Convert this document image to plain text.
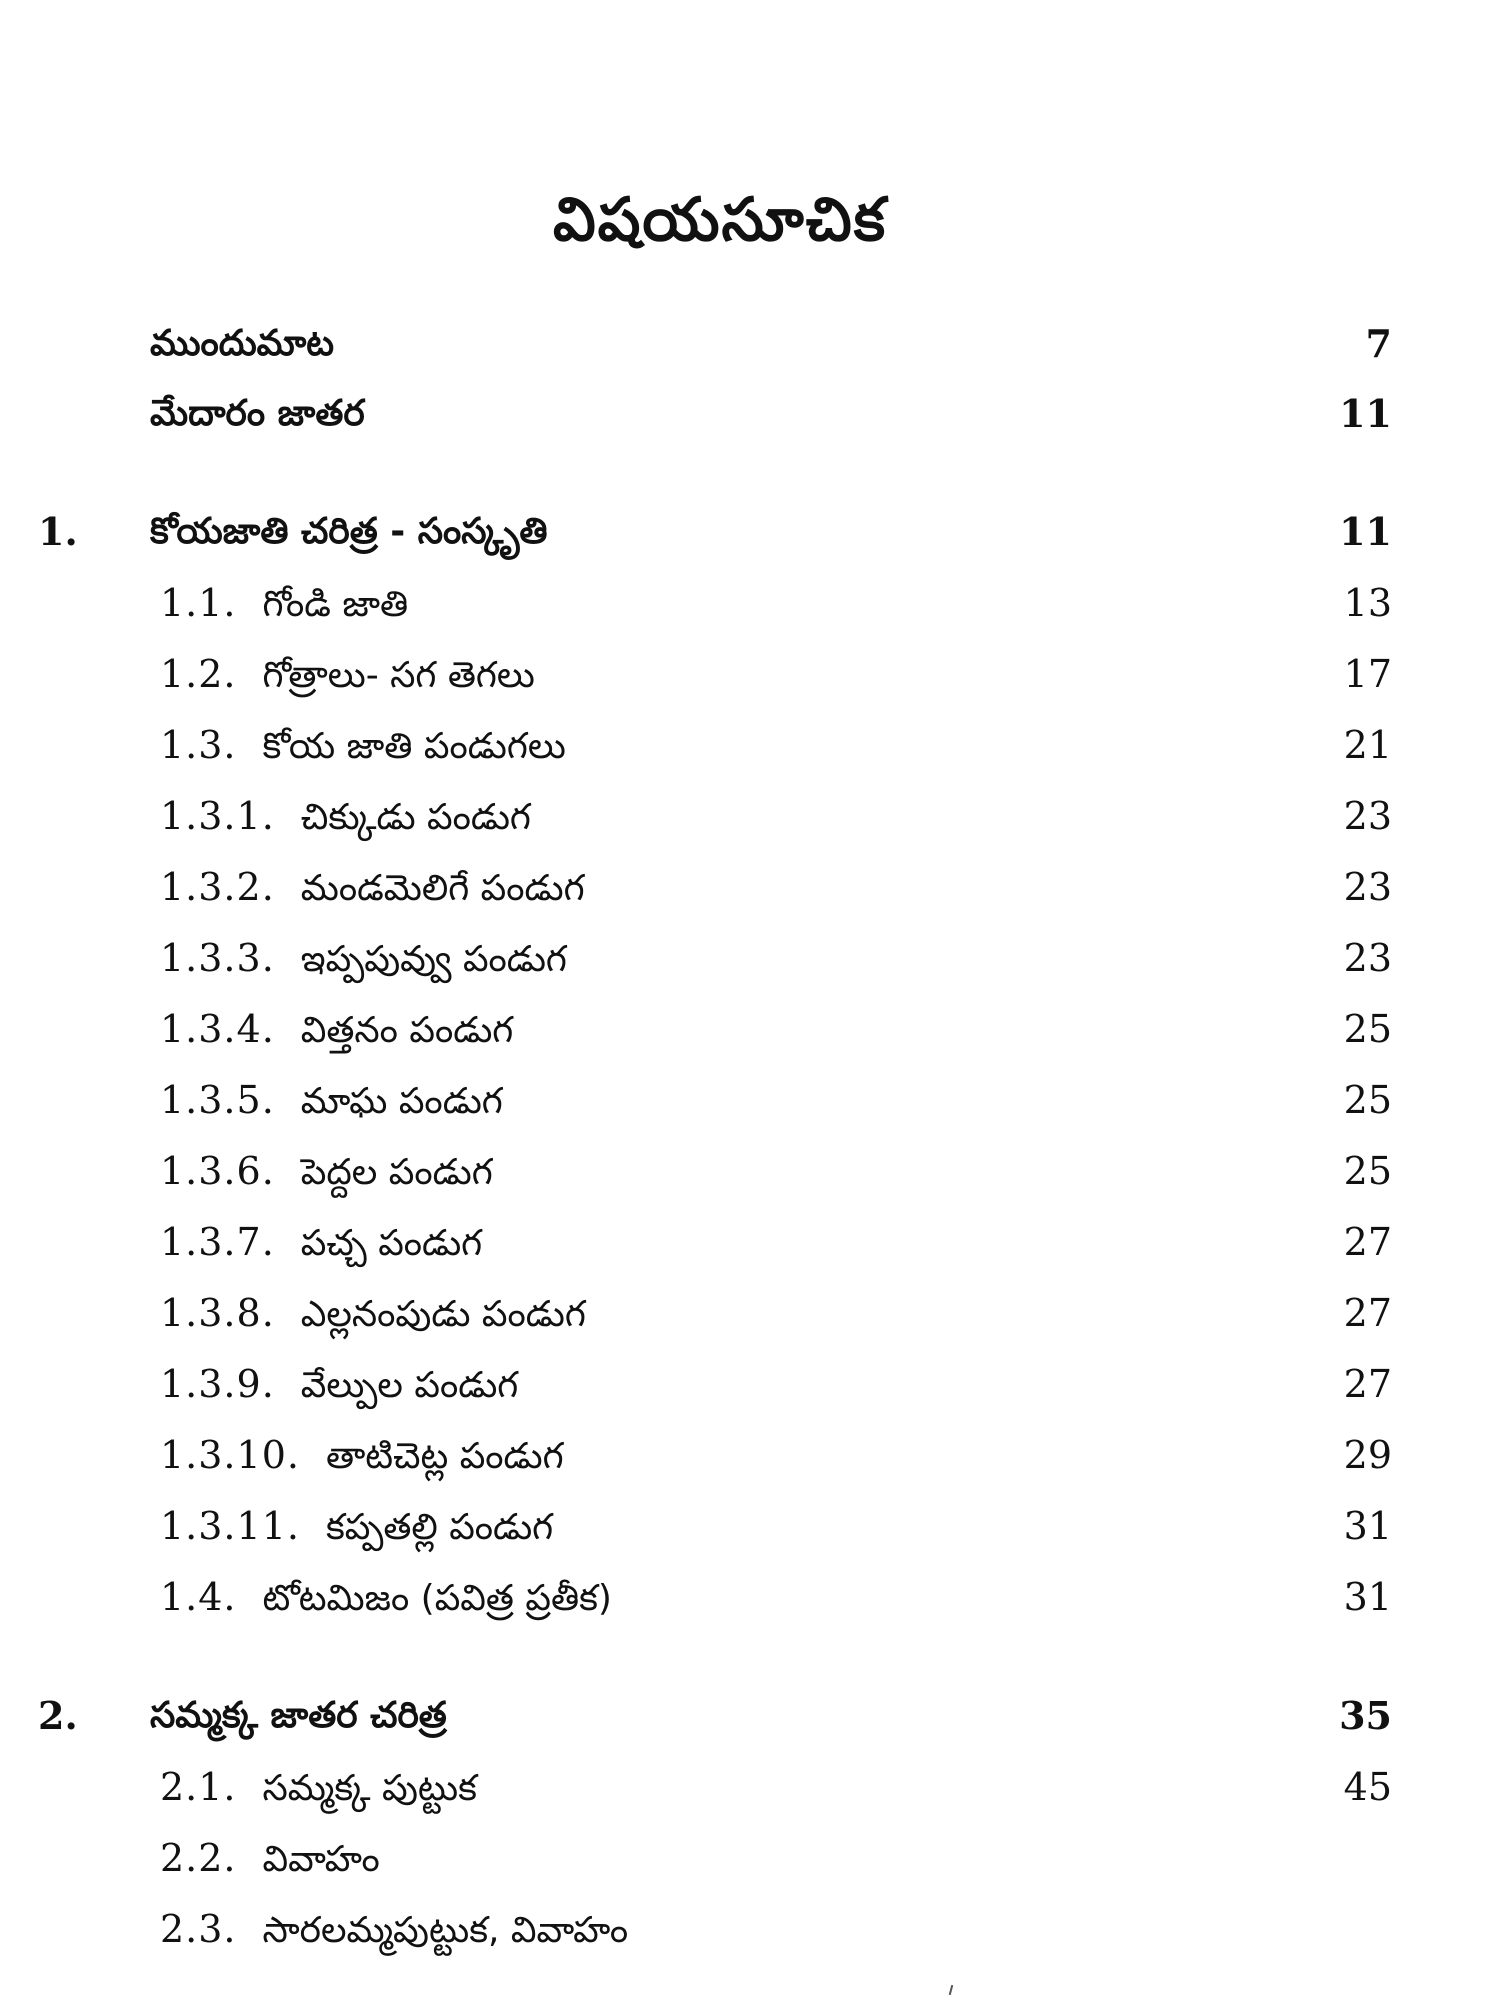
విషయసూచిక
ముందుమాట	7
మేదారం జాతర	11
1. కోయజాతి చరిత్ర - సంస్కృతి	11
1.1. గోండి జాతి	13
1.2. గోత్రాలు- సగ తెగలు	17
1.3. కోయ జాతి పండుగలు	21
1.3.1. చిక్కుడు పండుగ	23
1.3.2. మండమెలిగే పండుగ	23
1.3.3. ఇప్పపువ్వు పండుగ	23
1.3.4. విత్తనం పండుగ	25
1.3.5. మాఘ పండుగ	25
1.3.6. పెద్దల పండుగ	25
1.3.7. పచ్చ పండుగ	27
1.3.8. ఎల్లనంపుడు పండుగ	27
1.3.9. వేల్పుల పండుగ	27
1.3.10. తాటిచెట్ల పండుగ	29
1.3.11. కప్పతల్లి పండుగ	31
1.4. టోటమిజం (పవిత్ర ప్రతీక)	31
2. సమ్మక్క జాతర చరిత్ర	35
2.1. సమ్మక్క పుట్టుక	45
2.2. వివాహం
2.3. సారలమ్మపుట్టుక, వివాహం
